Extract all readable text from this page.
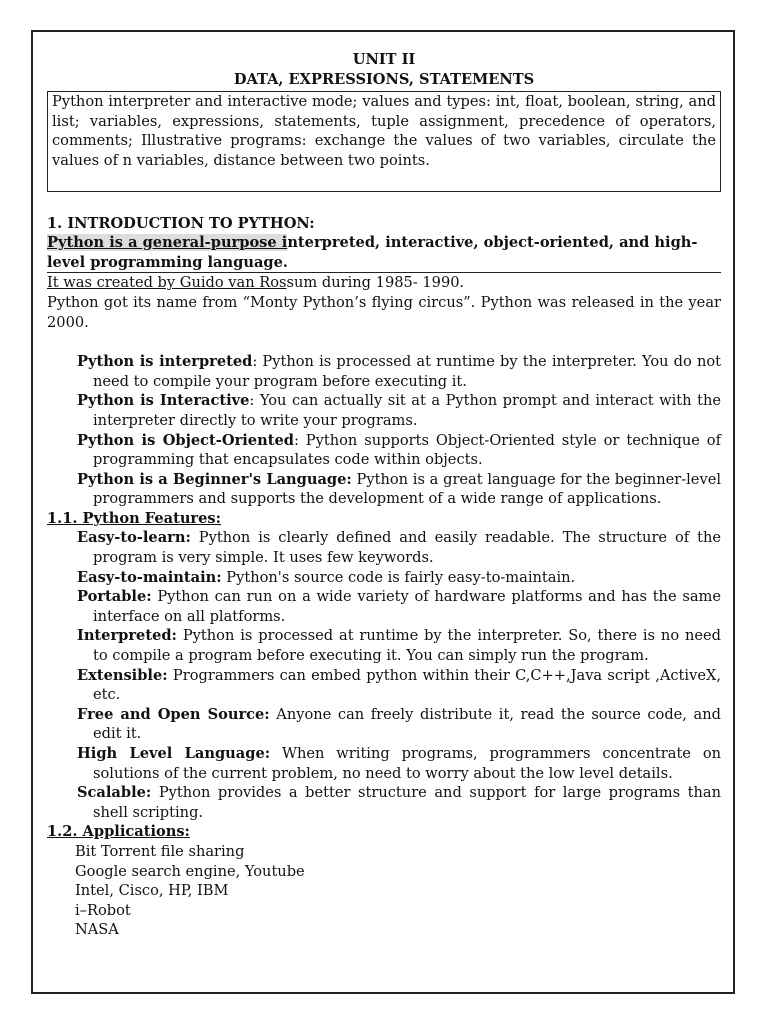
UNIT II
DATA, EXPRESSIONS, STATEMENTS
Python interpreter and interactive mode; values and types: int, float, boolean, string, and list; variables, expressions, statements, tuple assignment, precedence of operators, comments; Illustrative programs: exchange the values of two variables, circulate the values of n variables, distance between two points.
1. INTRODUCTION TO PYTHON:

Python is a general-purpose interpreted, interactive, object-oriented, and high-level programming language.

It was created by Guido van Rossum during 1985- 1990.

Python got its name from “Monty Python’s flying circus”. Python was released in the year 2000.

Python is interpreted: Python is processed at runtime by the interpreter. You do not need to compile your program before executing it.

Python is Interactive: You can actually sit at a Python prompt and interact with the interpreter directly to write your programs.

Python is Object-Oriented: Python supports Object-Oriented style or technique of programming that encapsulates code within objects.

Python is a Beginner's Language: Python is a great language for the beginner-level programmers and supports the development of a wide range of applications.

1.1. Python Features:

Easy-to-learn: Python is clearly defined and easily readable. The structure of the program is very simple. It uses few keywords.

Easy-to-maintain: Python's source code is fairly easy-to-maintain.

Portable: Python can run on a wide variety of hardware platforms and has the same interface on all platforms.

Interpreted: Python is processed at runtime by the interpreter. So, there is no need to compile a program before executing it. You can simply run the program.

Extensible: Programmers can embed python within their C,C++,Java script ,ActiveX, etc.

Free and Open Source: Anyone can freely distribute it, read the source code, and edit it.

High Level Language: When writing programs, programmers concentrate on solutions of the current problem, no need to worry about the low level details.

Scalable: Python provides a better structure and support for large programs than shell scripting.

1.2. Applications:

Bit Torrent file sharing

Google search engine, Youtube

Intel, Cisco, HP, IBM

i–Robot

NASA
